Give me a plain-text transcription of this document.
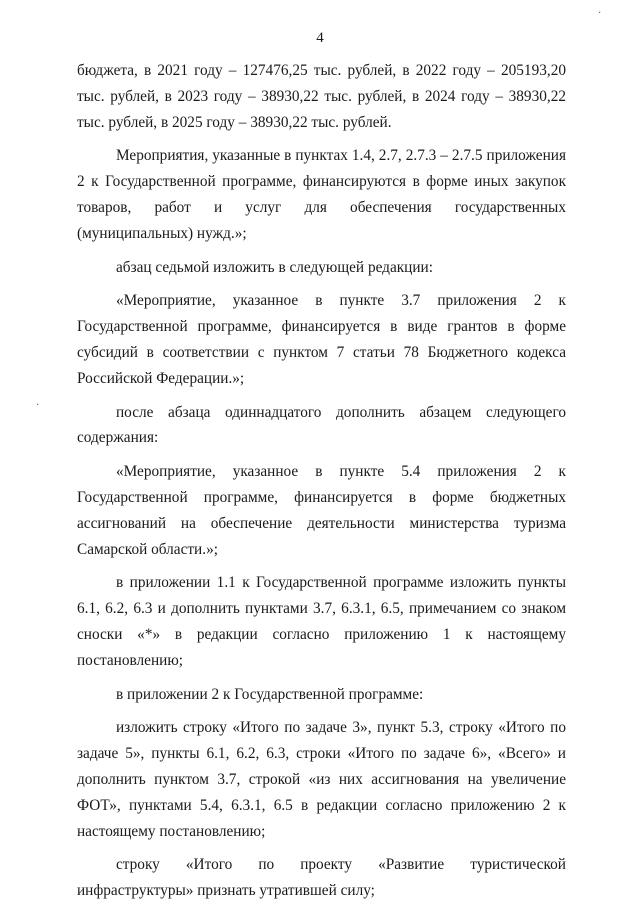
4
бюджета, в 2021 году – 127476,25 тыс. рублей, в 2022 году – 205193,20 тыс. рублей, в 2023 году – 38930,22 тыс. рублей, в 2024 году – 38930,22 тыс. рублей, в 2025 году – 38930,22 тыс. рублей.
Мероприятия, указанные в пунктах 1.4, 2.7, 2.7.3 – 2.7.5 приложения 2 к Государственной программе, финансируются в форме иных закупок товаров, работ и услуг для обеспечения государственных (муниципальных) нужд.»;
абзац седьмой изложить в следующей редакции:
«Мероприятие, указанное в пункте 3.7 приложения 2 к Государственной программе, финансируется в виде грантов в форме субсидий в соответствии с пунктом 7 статьи 78 Бюджетного кодекса Российской Федерации.»;
после абзаца одиннадцатого дополнить абзацем следующего содержания:
«Мероприятие, указанное в пункте 5.4 приложения 2 к Государственной программе, финансируется в форме бюджетных ассигнований на обеспечение деятельности министерства туризма Самарской области.»;
в приложении 1.1 к Государственной программе изложить пункты 6.1, 6.2, 6.3 и дополнить пунктами 3.7, 6.3.1, 6.5, примечанием со знаком сноски «*» в редакции согласно приложению 1 к настоящему постановлению;
в приложении 2 к Государственной программе:
изложить строку «Итого по задаче 3», пункт 5.3, строку «Итого по задаче 5», пункты 6.1, 6.2, 6.3, строки «Итого по задаче 6», «Всего» и дополнить пунктом 3.7, строкой «из них ассигнования на увеличение ФОТ», пунктами 5.4, 6.3.1, 6.5 в редакции согласно приложению 2 к настоящему постановлению;
строку «Итого по проекту «Развитие туристической инфраструктуры» признать утратившей силу;
·
·
